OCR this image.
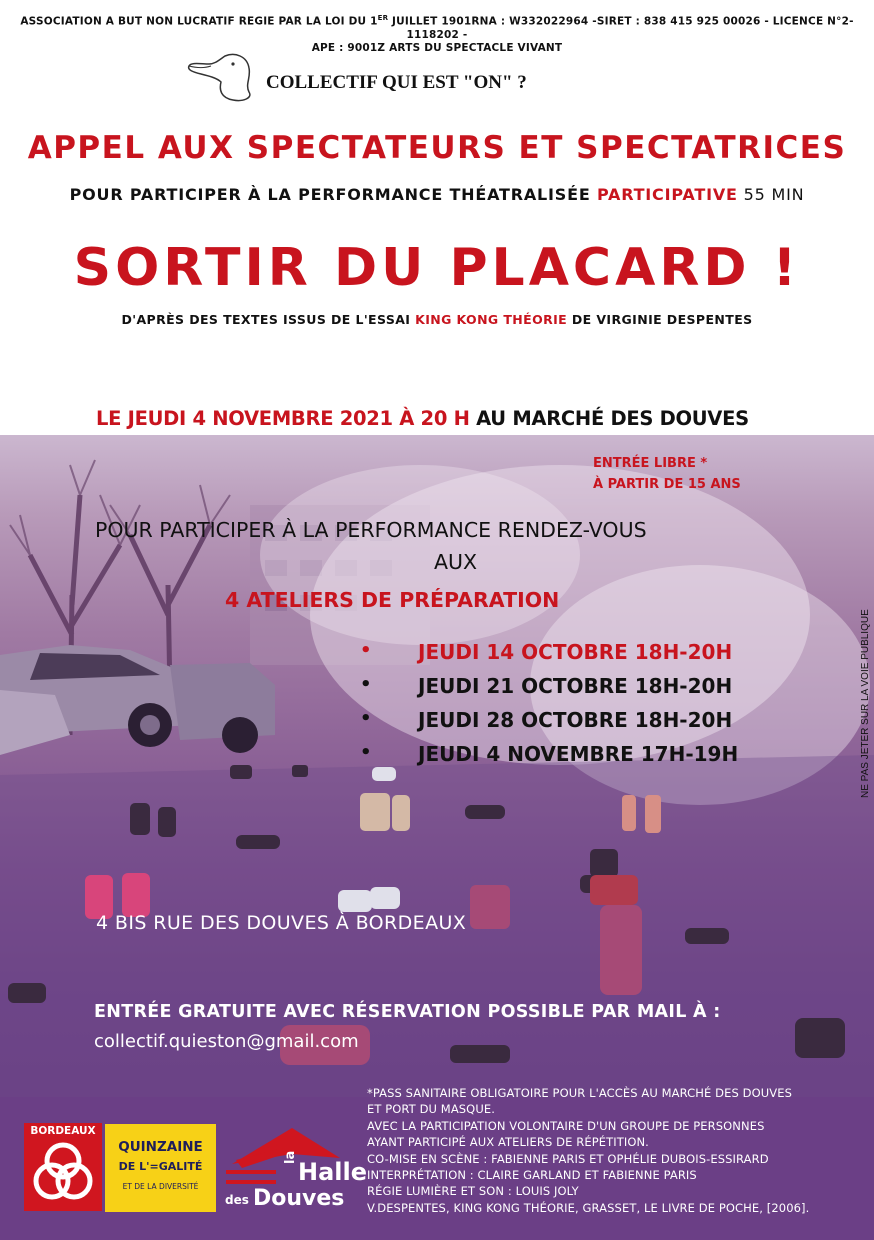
ASSOCIATION A BUT NON LUCRATIF REGIE PAR LA LOI DU 1ER JUILLET 1901RNA : W332022964 -SIRET : 838 415 925 00026 - LICENCE N°2-1118202 -
APE : 9001Z ARTS DU SPECTACLE VIVANT
COLLECTIF QUI EST "ON" ?
APPEL AUX SPECTATEURS ET SPECTATRICES
POUR PARTICIPER À LA PERFORMANCE THÉATRALISÉE PARTICIPATIVE 55 MIN
SORTIR DU PLACARD !
D'APRÈS DES TEXTES ISSUS DE L'ESSAI KING KONG THÉORIE DE VIRGINIE DESPENTES
LE JEUDI 4 NOVEMBRE 2021 À 20 H AU MARCHÉ DES DOUVES
ENTRÉE LIBRE *
À PARTIR DE 15 ANS
POUR PARTICIPER À LA PERFORMANCE RENDEZ-VOUS
AUX
4 ATELIERS DE PRÉPARATION
• JEUDI 14 OCTOBRE 18H-20H
• JEUDI 21 OCTOBRE 18H-20H
• JEUDI 28 OCTOBRE 18H-20H
• JEUDI 4 NOVEMBRE 17H-19H	NE PAS JETER SUR LA VOIE PUBLIQUE
4 BIS RUE DES DOUVES À BORDEAUX
ENTRÉE GRATUITE AVEC RÉSERVATION POSSIBLE PAR MAIL À :
collectif.quieston@gmail.com
*PASS SANITAIRE OBLIGATOIRE POUR L'ACCÈS AU MARCHÉ DES DOUVES
ET PORT DU MASQUE.
AVEC LA PARTICIPATION VOLONTAIRE D'UN GROUPE DE PERSONNES
AYANT PARTICIPÉ AUX ATELIERS DE RÉPÉTITION.
CO-MISE EN SCÈNE : FABIENNE PARIS ET OPHÉLIE DUBOIS-ESSIRARD
INTERPRÉTATION : CLAIRE GARLAND ET FABIENNE PARIS
RÉGIE LUMIÈRE ET SON : LOUIS JOLY
V.DESPENTES, KING KONG THÉORIE, GRASSET, LE LIVRE DE POCHE, [2006].
BORDEAUX
QUINZAINE
DE L'=GALITÉ
ET DE LA DIVERSITÉ
Halle
des Douves
la
